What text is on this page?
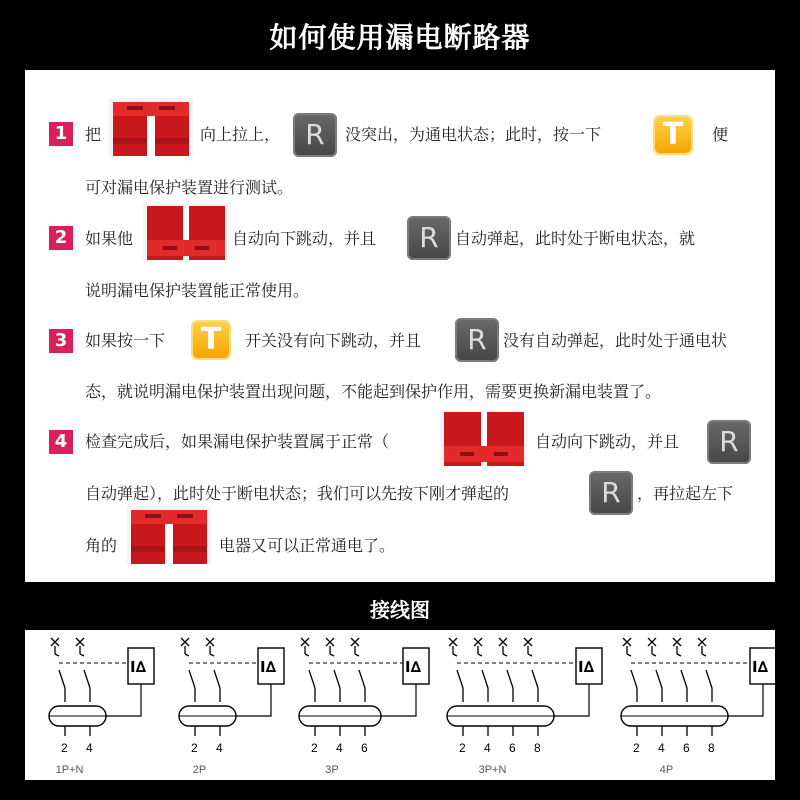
如何使用漏电断路器
1	把	向上拉上， R	没突出，为通电状态；此时，按一下	T	便
可对漏电保护装置进行测试。
2	如果他	自动向下跳动，并且	R	自动弹起，此时处于断电状态，就
说明漏电保护装置能正常使用。
3	如果按一下	T	开关没有向下跳动，并且	R	没有自动弹起，此时处于通电状
态，就说明漏电保护装置出现问题，不能起到保护作用，需要更换新漏电装置了。
4	检查完成后，如果漏电保护装置属于正常（	自动向下跳动，并且	R
自动弹起），此时处于断电状态；我们可以先按下刚才弹起的	R	，再拉起左下
角的	电器又可以正常通电了。
接线图
2 4
I∆
1P+N
2 4
I∆
2P
2 4 6
I∆
3P
2 4 6 8
I∆
3P+N
2 4 6 8
I∆
4P
